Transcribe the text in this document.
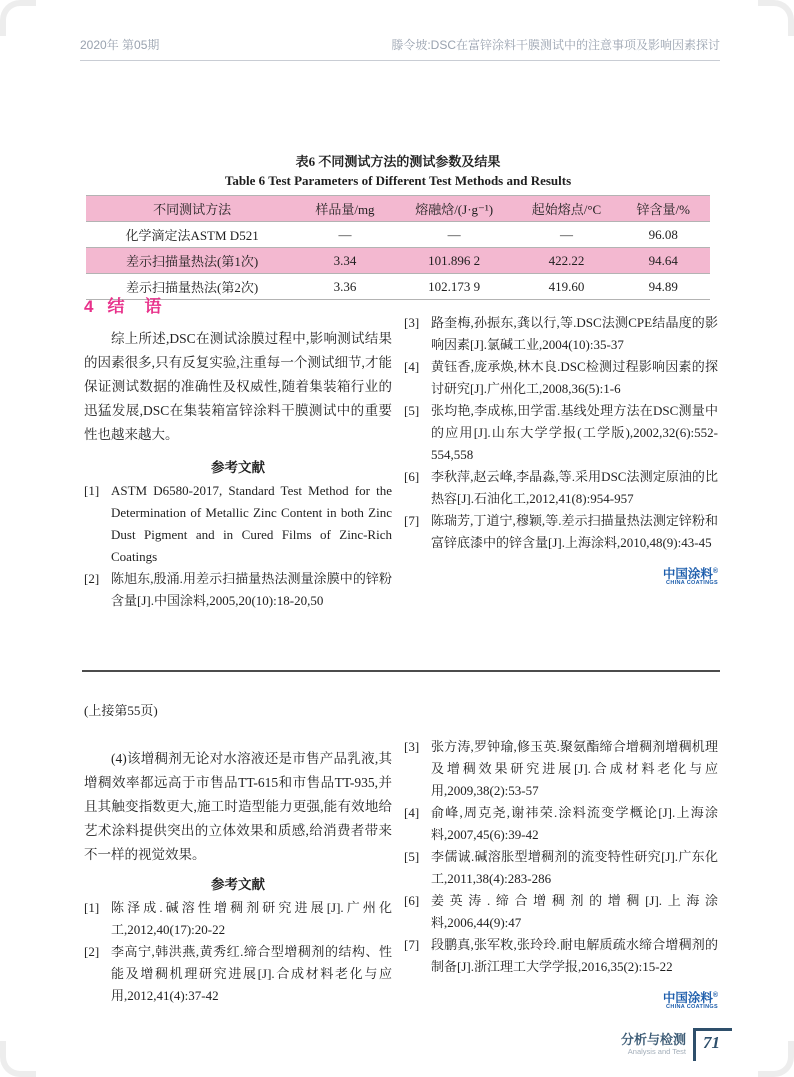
2020年 第05期	滕令坡:DSC在富锌涂料干膜测试中的注意事项及影响因素探讨
表6 不同测试方法的测试参数及结果
Table 6 Test Parameters of Different Test Methods and Results
不同测试方法	样品量/mg	熔融焓/(J·g⁻¹)	起始熔点/°C	锌含量/%
化学滴定法ASTM D521	—	—	—	96.08
差示扫描量热法(第1次)	3.34	101.896 2	422.22	94.64
差示扫描量热法(第2次)	3.36	102.173 9	419.60	94.89
4 结 语

综上所述,DSC在测试涂膜过程中,影响测试结果的因素很多,只有反复实验,注重每一个测试细节,才能保证测试数据的准确性及权威性,随着集装箱行业的迅猛发展,DSC在集装箱富锌涂料干膜测试中的重要性也越来越大。

参考文献
[1] ASTM D6580-2017, Standard Test Method for the Determination of Metallic Zinc Content in both Zinc Dust Pigment and in Cured Films of Zinc-Rich Coatings
[2] 陈旭东,殷涌.用差示扫描量热法测量涂膜中的锌粉含量[J].中国涂料,2005,20(10):18-20,50
[3] 路奎梅,孙振东,龚以行,等.DSC法测CPE结晶度的影响因素[J].氯碱工业,2004(10):35-37
[4] 黄钰香,庞承焕,林木良.DSC检测过程影响因素的探讨研究[J].广州化工,2008,36(5):1-6
[5] 张均艳,李成栋,田学雷.基线处理方法在DSC测量中的应用[J].山东大学学报(工学版),2002,32(6):552-554,558
[6] 李秋萍,赵云峰,李晶淼,等.采用DSC法测定原油的比热容[J].石油化工,2012,41(8):954-957
[7] 陈瑞芳,丁道宁,穆颖,等.差示扫描量热法测定锌粉和富锌底漆中的锌含量[J].上海涂料,2010,48(9):43-45
中国涂料®
CHINA COATINGS
(上接第55页)

(4)该增稠剂无论对水溶液还是市售产品乳液,其增稠效率都远高于市售品TT-615和市售品TT-935,并且其触变指数更大,施工时造型能力更强,能有效地给艺术涂料提供突出的立体效果和质感,给消费者带来不一样的视觉效果。

参考文献
[1] 陈泽成.碱溶性增稠剂研究进展[J].广州化工,2012,40(17):20-22
[2] 李高宁,韩洪燕,黄秀红.缔合型增稠剂的结构、性能及增稠机理研究进展[J].合成材料老化与应用,2012,41(4):37-42
[3] 张方涛,罗钟瑜,修玉英.聚氨酯缔合增稠剂增稠机理及增稠效果研究进展[J].合成材料老化与应用,2009,38(2):53-57
[4] 俞峰,周克尧,谢祎荣.涂料流变学概论[J].上海涂料,2007,45(6):39-42
[5] 李儒诚.碱溶胀型增稠剂的流变特性研究[J].广东化工,2011,38(4):283-286
[6] 姜英涛.缔合增稠剂的增稠[J].上海涂料,2006,44(9):47
[7] 段鹏真,张军敉,张玲玲.耐电解质疏水缔合增稠剂的制备[J].浙江理工大学学报,2016,35(2):15-22
中国涂料®
CHINA COATINGS
分析与检测
Analysis and Test	71
